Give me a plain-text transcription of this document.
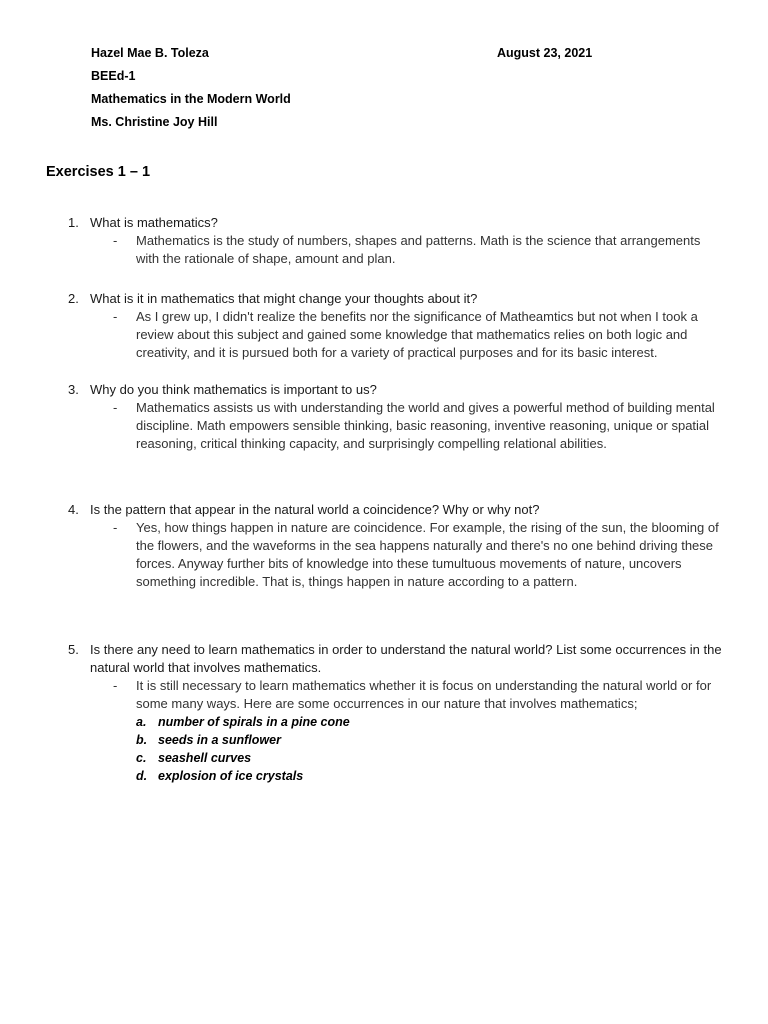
Hazel Mae B. Toleza	August 23, 2021
BEEd-1
Mathematics in the Modern World
Ms. Christine Joy Hill
Exercises 1 – 1
1. What is mathematics?
- Mathematics is the study of numbers, shapes and patterns. Math is the science that arrangements with the rationale of shape, amount and plan.
2. What is it in mathematics that might change your thoughts about it?
- As I grew up, I didn't realize the benefits nor the significance of Matheamtics but not when I took a review about this subject and gained some knowledge that mathematics relies on both logic and creativity, and it is pursued both for a variety of practical purposes and for its basic interest.
3. Why do you think mathematics is important to us?
- Mathematics assists us with understanding the world and gives a powerful method of building mental discipline. Math empowers sensible thinking, basic reasoning, inventive reasoning, unique or spatial reasoning, critical thinking capacity, and surprisingly compelling relational abilities.
4. Is the pattern that appear in the natural world a coincidence? Why or why not?
- Yes, how things happen in nature are coincidence. For example, the rising of the sun, the blooming of the flowers, and the waveforms in the sea happens naturally and there's no one behind driving these forces. Anyway further bits of knowledge into these tumultuous movements of nature, uncovers something incredible. That is, things happen in nature according to a pattern.
5. Is there any need to learn mathematics in order to understand the natural world? List some occurrences in the natural world that involves mathematics.
- It is still necessary to learn mathematics whether it is focus on understanding the natural world or for some many ways. Here are some occurrences in our nature that involves mathematics;
a. number of spirals in a pine cone
b. seeds in a sunflower
c. seashell curves
d. explosion of ice crystals
